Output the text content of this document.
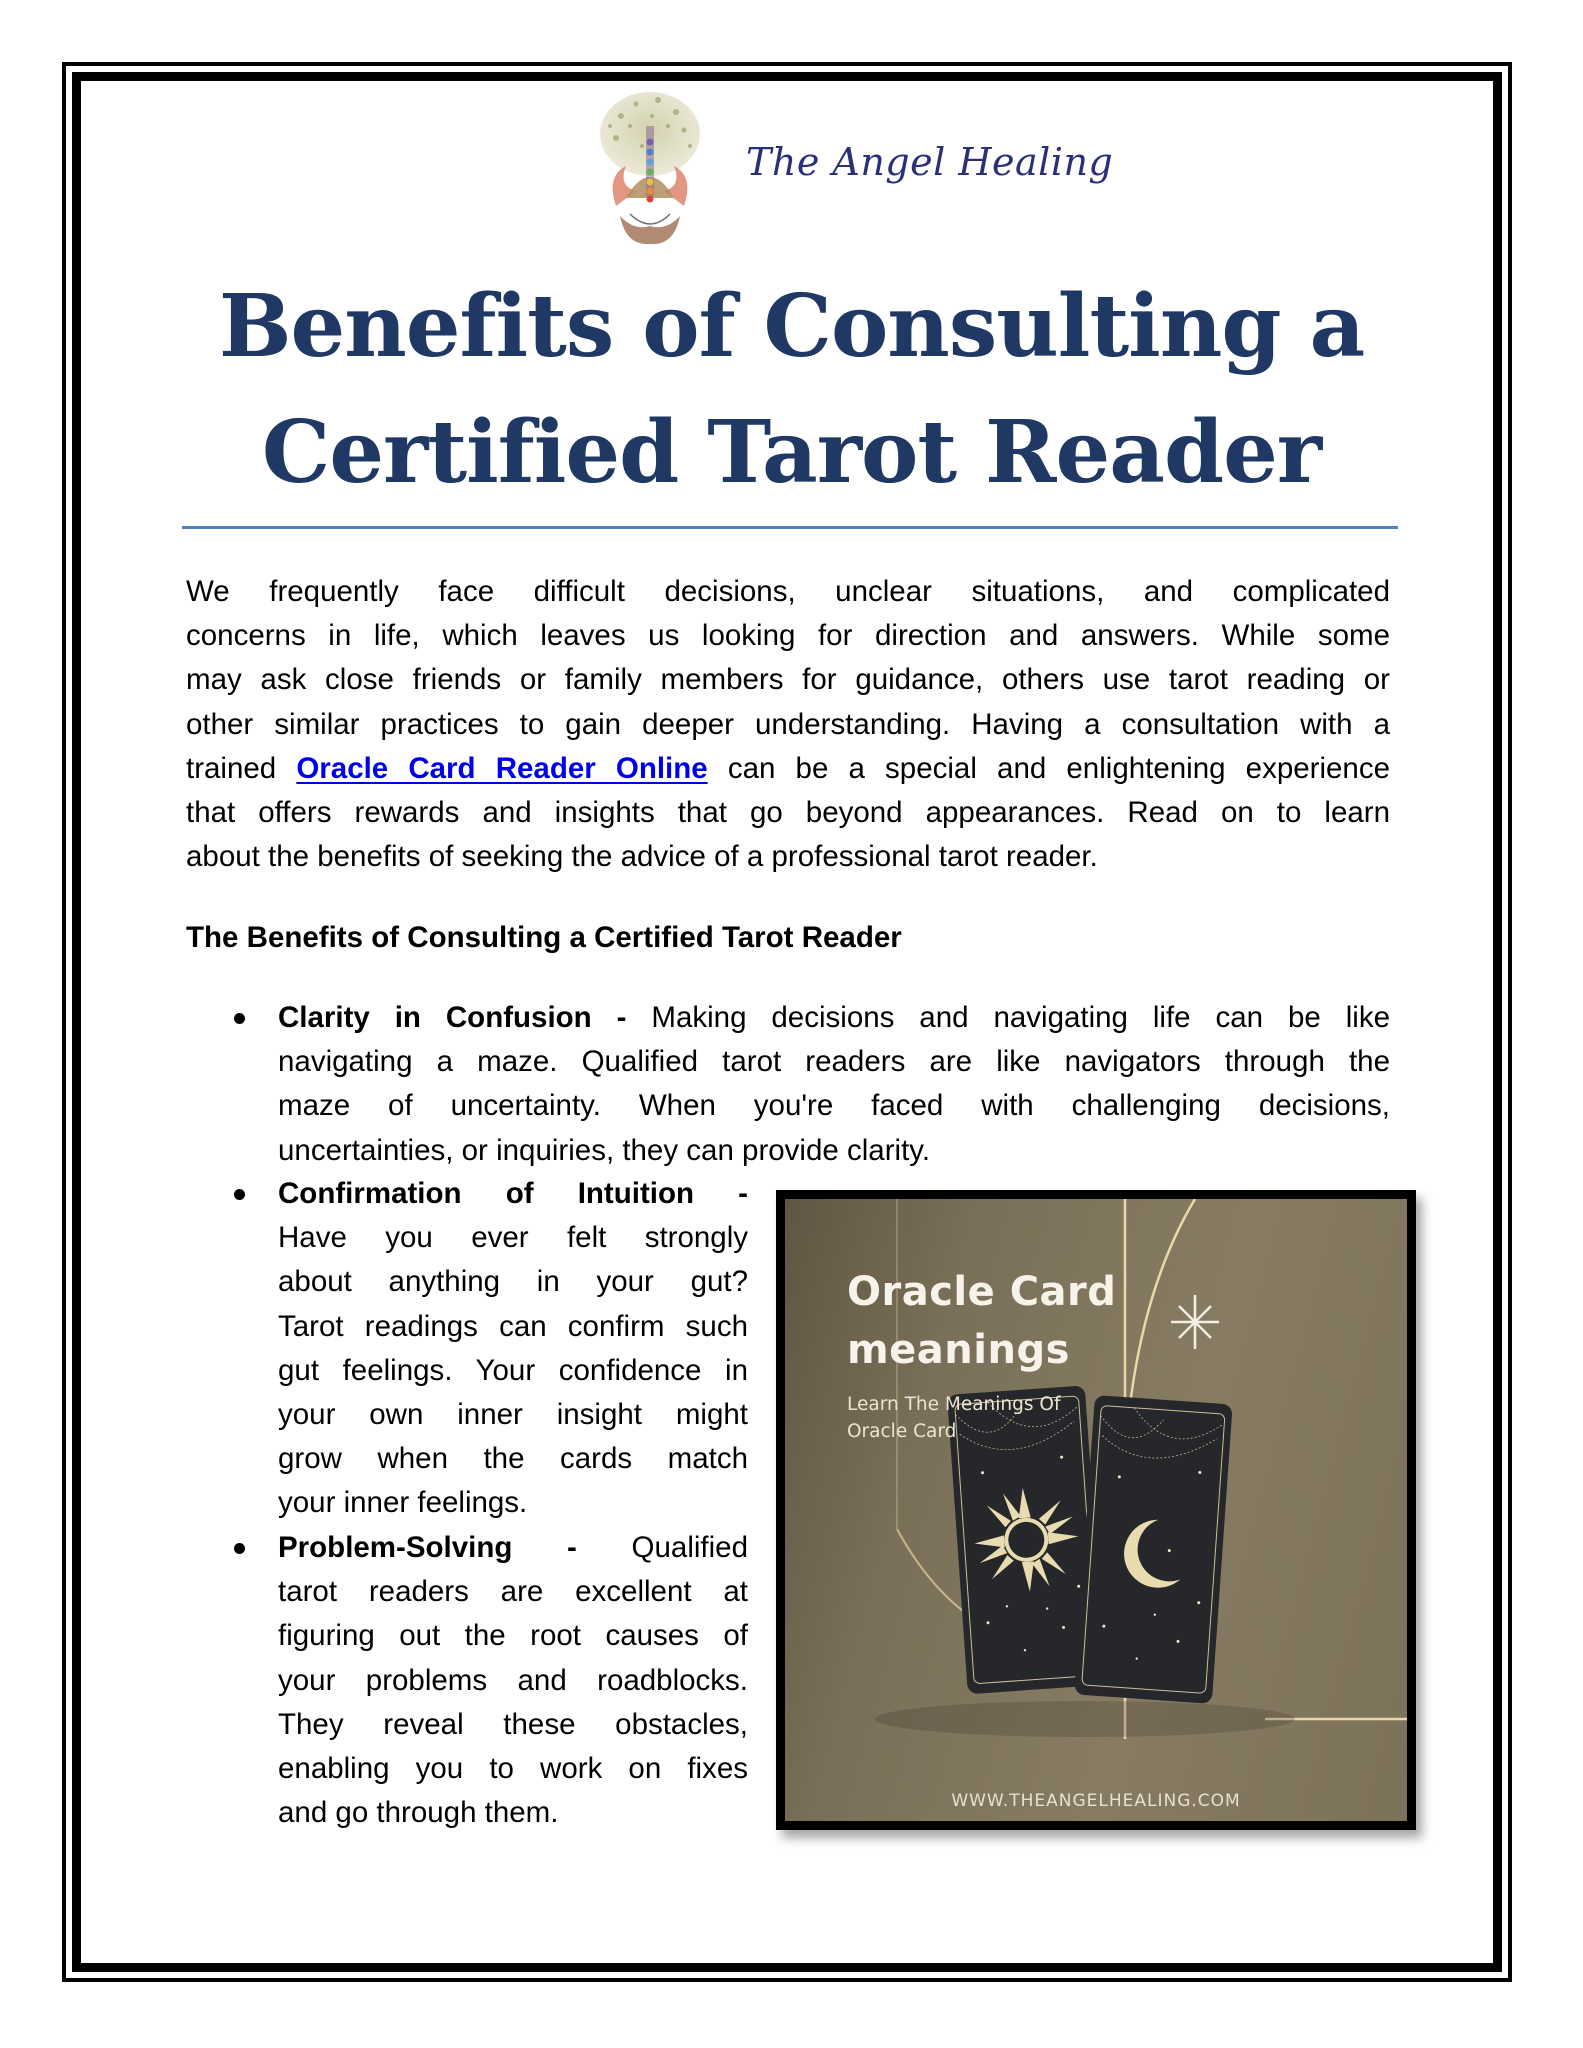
The Angel Healing
Benefits of Consulting a
Certified Tarot Reader
We frequently face difficult decisions, unclear situations, and complicated
concerns in life, which leaves us looking for direction and answers. While some
may ask close friends or family members for guidance, others use tarot reading or
other similar practices to gain deeper understanding. Having a consultation with a
trained Oracle Card Reader Online can be a special and enlightening experience
that offers rewards and insights that go beyond appearances. Read on to learn
about the benefits of seeking the advice of a professional tarot reader.
The Benefits of Consulting a Certified Tarot Reader
Clarity in Confusion - Making decisions and navigating life can be like
navigating a maze. Qualified tarot readers are like navigators through the
maze of uncertainty. When you're faced with challenging decisions,
uncertainties, or inquiries, they can provide clarity.
Confirmation of Intuition -
Have you ever felt strongly
about anything in your gut?
Tarot readings can confirm such
gut feelings. Your confidence in
your own inner insight might
grow when the cards match
your inner feelings.
Problem-Solving - Qualified
tarot readers are excellent at
figuring out the root causes of
your problems and roadblocks.
They reveal these obstacles,
enabling you to work on fixes
and go through them.
Oracle Card
meanings
Learn The Meanings Of
Oracle Card
WWW.THEANGELHEALING.COM
